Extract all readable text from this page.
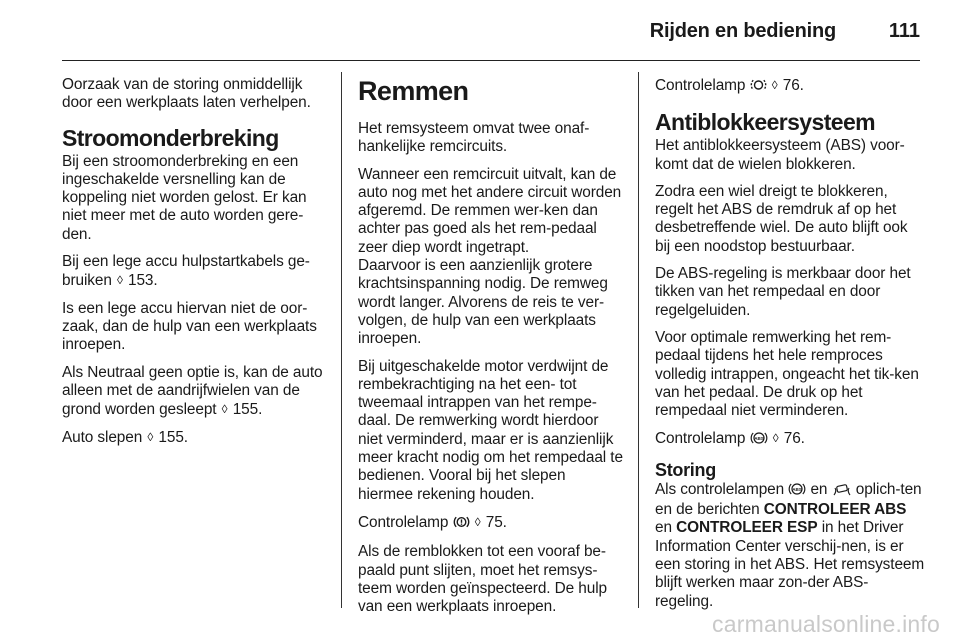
Rijden en bediening	111

Oorzaak van de storing onmiddellijk door een werkplaats laten verhelpen.

Stroomonderbreking

Bij een stroomonderbreking en een ingeschakelde versnelling kan de koppeling niet worden gelost. Er kan niet meer met de auto worden gere-den.

Bij een lege accu hulpstartkabels ge-bruiken ◊ 153.

Is een lege accu hiervan niet de oor-zaak, dan de hulp van een werkplaats inroepen.

Als Neutraal geen optie is, kan de auto alleen met de aandrijfwielen van de grond worden gesleept ◊ 155.

Auto slepen ◊ 155.

Remmen

Het remsysteem omvat twee onaf-hankelijke remcircuits.

Wanneer een remcircuit uitvalt, kan de auto nog met het andere circuit worden afgeremd. De remmen wer-ken dan achter pas goed als het rem-pedaal zeer diep wordt ingetrapt.

Daarvoor is een aanzienlijk grotere krachtsinspanning nodig. De remweg wordt langer. Alvorens de reis te ver-volgen, de hulp van een werkplaats inroepen.

Bij uitgeschakelde motor verdwijnt de rembekrachtiging na het een- tot tweemaal intrappen van het rempe-daal. De remwerking wordt hierdoor niet verminderd, maar er is aanzienlijk meer kracht nodig om het rempedaal te bedienen. Vooral bij het slepen hiermee rekening houden.

Controlelamp ◊ 75.

Als de remblokken tot een vooraf be-paald punt slijten, moet het remsys-teem worden geïnspecteerd. De hulp van een werkplaats inroepen.

Controlelamp ◊ 76.

Antiblokkeersysteem

Het antiblokkeersysteem (ABS) voor-komt dat de wielen blokkeren.

Zodra een wiel dreigt te blokkeren, regelt het ABS de remdruk af op het desbetreffende wiel. De auto blijft ook bij een noodstop bestuurbaar.

De ABS-regeling is merkbaar door het tikken van het rempedaal en door regelgeluiden.

Voor optimale remwerking het rem-pedaal tijdens het hele remproces volledig intrappen, ongeacht het tik-ken van het pedaal. De druk op het rempedaal niet verminderen.

Controlelamp ABS ◊ 76.

Storing

Als controlelampen ABS en oplich-ten en de berichten CONTROLEER ABS en CONTROLEER ESP in het Driver Information Center verschij-nen, is er een storing in het ABS. Het remsysteem blijft werken maar zon-der ABS-regeling.

carmanualsonline.info
